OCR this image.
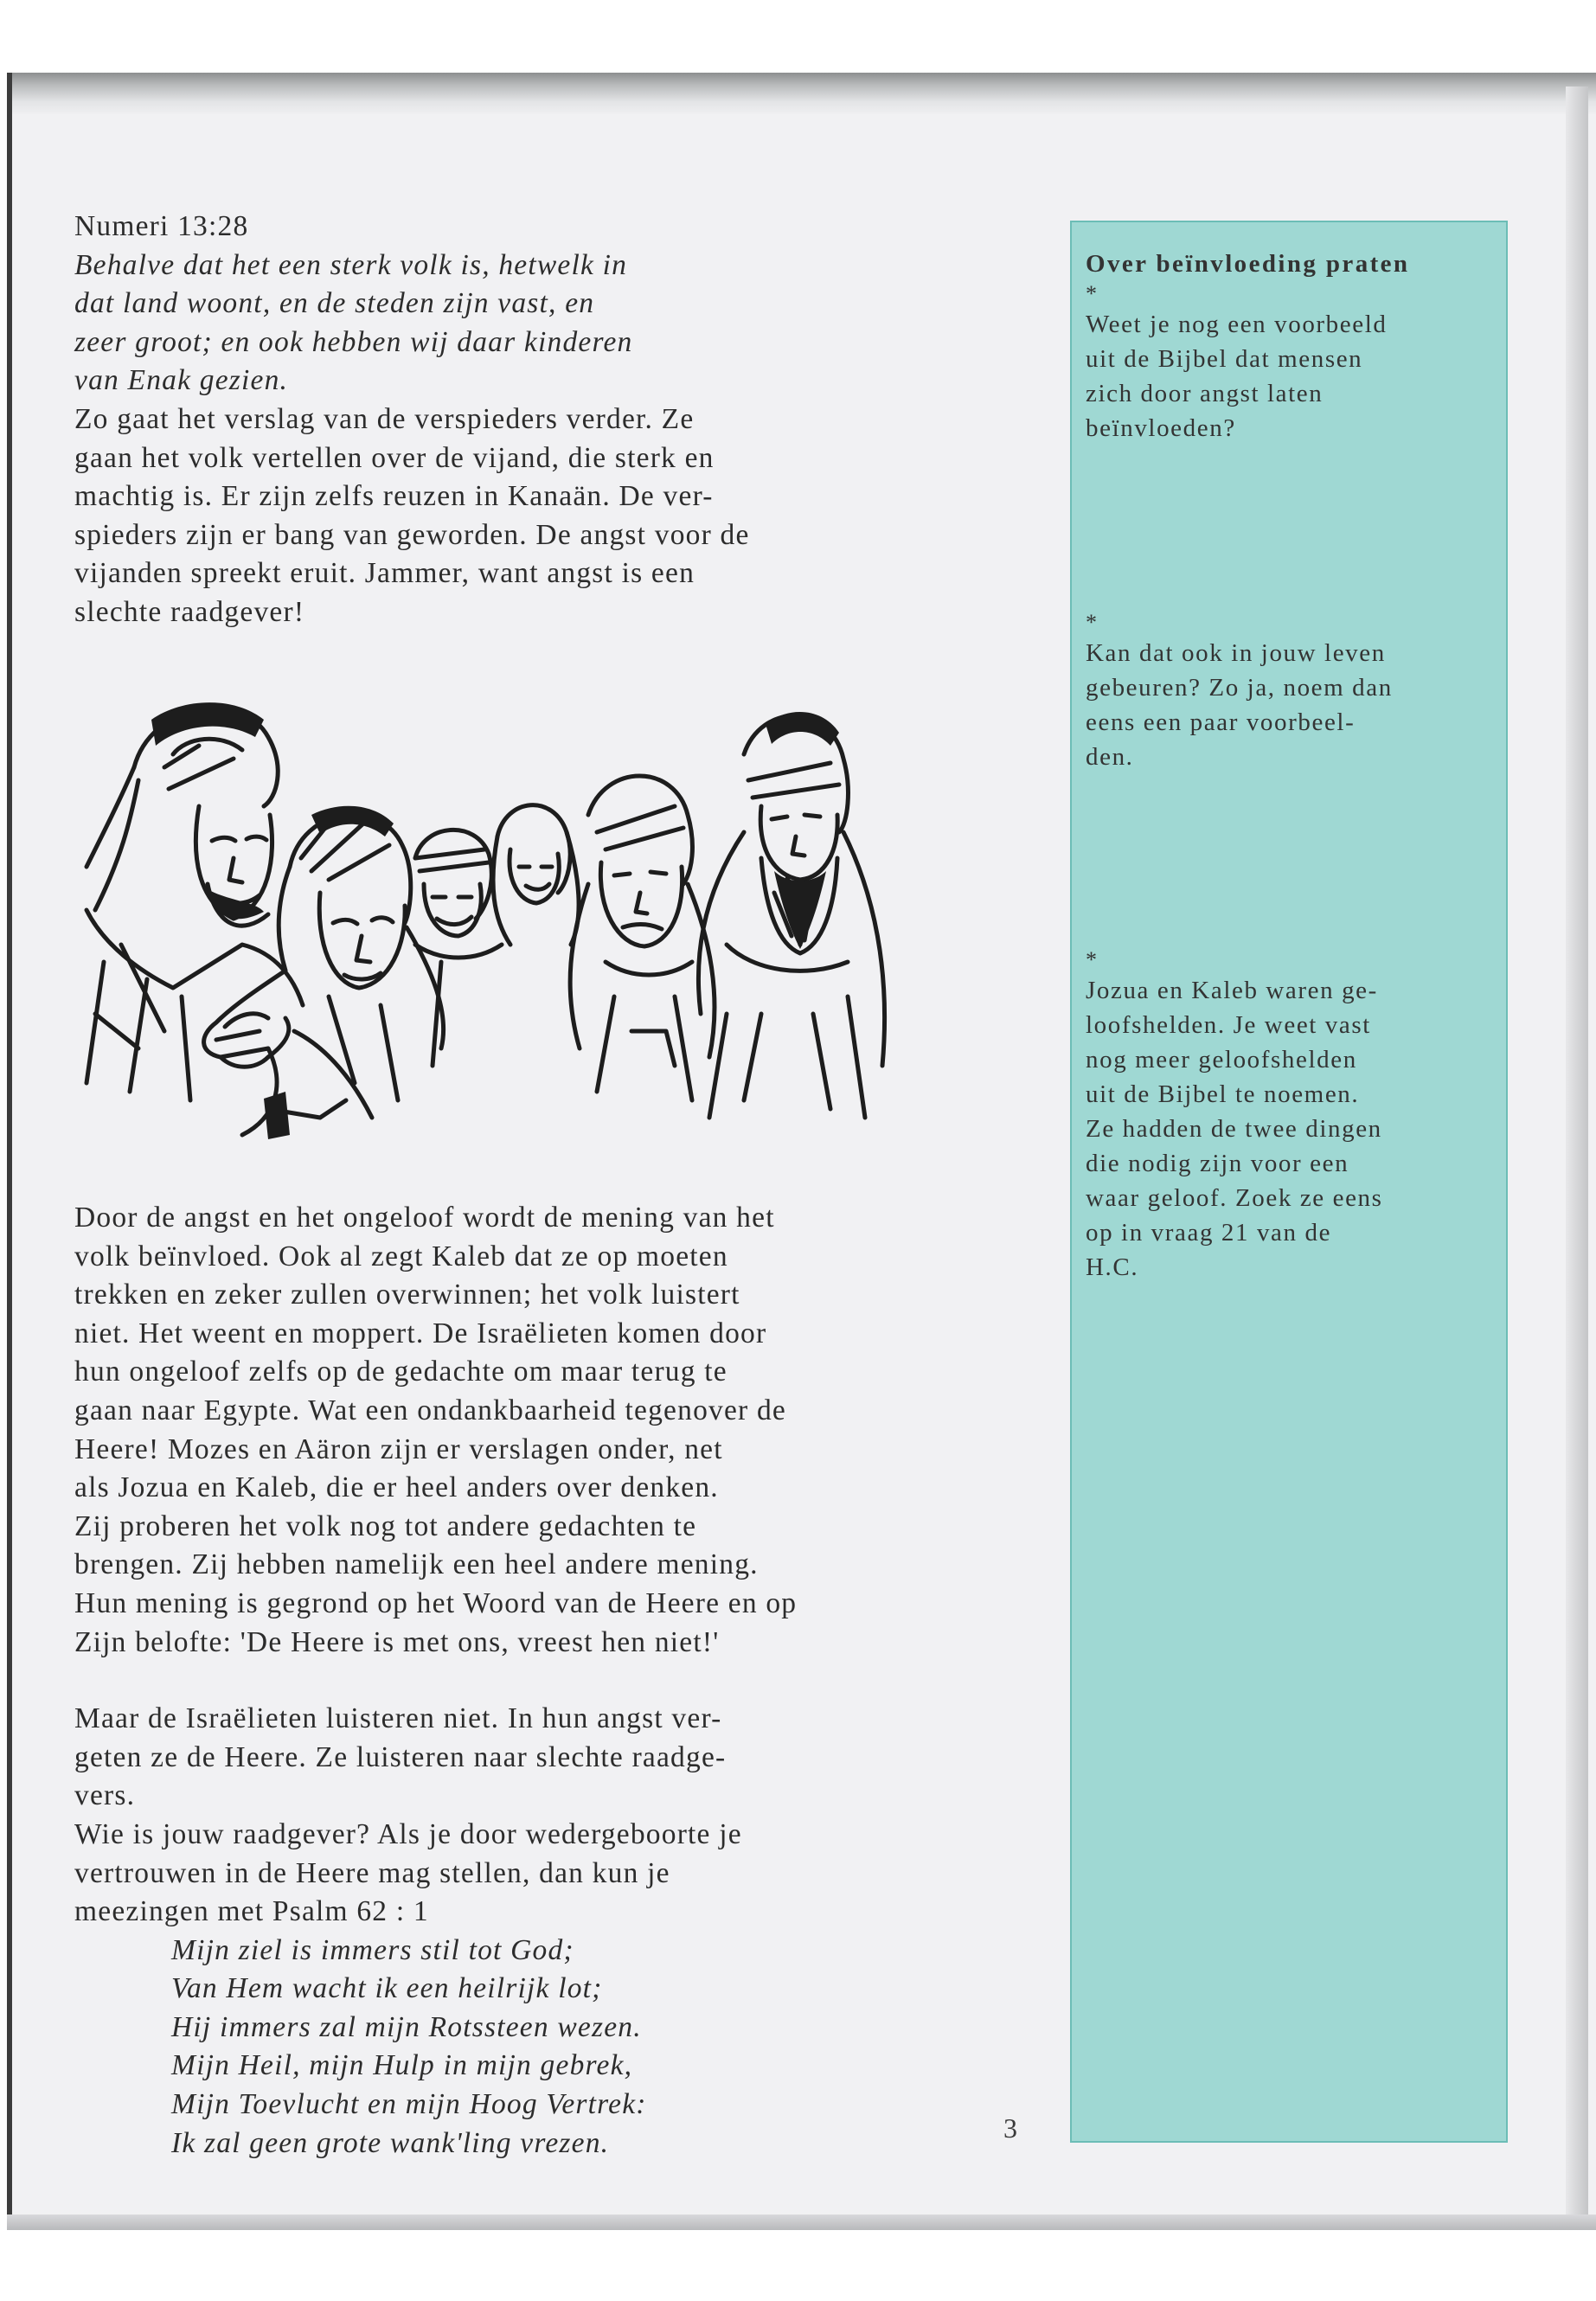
Numeri 13:28

Behalve dat het een sterk volk is, hetwelk in

dat land woont, en de steden zijn vast, en

zeer groot; en ook hebben wij daar kinderen

van Enak gezien.

Zo gaat het verslag van de verspieders verder. Ze

gaan het volk vertellen over de vijand, die sterk en

machtig is. Er zijn zelfs reuzen in Kanaän. De ver-

spieders zijn er bang van geworden. De angst voor de

vijanden spreekt eruit. Jammer, want angst is een

slechte raadgever!

Door de angst en het ongeloof wordt de mening van het

volk beïnvloed. Ook al zegt Kaleb dat ze op moeten

trekken en zeker zullen overwinnen; het volk luistert

niet. Het weent en moppert. De Israëlieten komen door

hun ongeloof zelfs op de gedachte om maar terug te

gaan naar Egypte. Wat een ondankbaarheid tegenover de

Heere! Mozes en Aäron zijn er verslagen onder, net

als Jozua en Kaleb, die er heel anders over denken.

Zij proberen het volk nog tot andere gedachten te

brengen. Zij hebben namelijk een heel andere mening.

Hun mening is gegrond op het Woord van de Heere en op

Zijn belofte: 'De Heere is met ons, vreest hen niet!'

Maar de Israëlieten luisteren niet. In hun angst ver-

geten ze de Heere. Ze luisteren naar slechte raadge-

vers.

Wie is jouw raadgever? Als je door wedergeboorte je

vertrouwen in de Heere mag stellen, dan kun je

meezingen met Psalm 62 : 1

Mijn ziel is immers stil tot God;

Van Hem wacht ik een heilrijk lot;

Hij immers zal mijn Rotssteen wezen.

Mijn Heil, mijn Hulp in mijn gebrek,

Mijn Toevlucht en mijn Hoog Vertrek:

Ik zal geen grote wank'ling vrezen.	3

Over beïnvloeding praten

*

Weet je nog een voorbeeld

uit de Bijbel dat mensen

zich door angst laten

beïnvloeden?

*

Kan dat ook in jouw leven

gebeuren? Zo ja, noem dan

eens een paar voorbeel-

den.

*

Jozua en Kaleb waren ge-

loofshelden. Je weet vast

nog meer geloofshelden

uit de Bijbel te noemen.

Ze hadden de twee dingen

die nodig zijn voor een

waar geloof. Zoek ze eens

op in vraag 21 van de

H.C.
